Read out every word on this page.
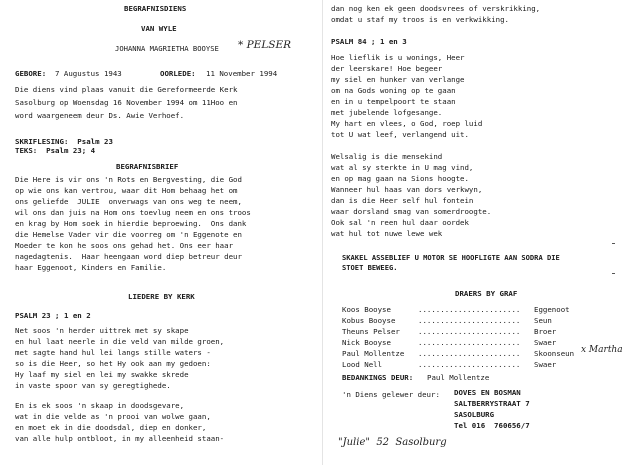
BEGRAFNISDIENS
VAN WYLE
JOHANNA MAGRIETHA BOOYSE * PELSER
GEBORE: 7 Augustus 1943	OORLEDE: 11 November 1994
Die diens vind plaas vanuit die Gereformeerde Kerk
Sasolburg op Woensdag 16 November 1994 om 11Hoo en
word waargeneem deur Ds. Awie Verhoef.
SKRIFLESING:  Psalm 23
TEKS:  Psalm 23; 4
BEGRAFNISBRIEF
Die Here is vir ons 'n Rots en Bergvesting, die God
op wie ons kan vertrou, waar dit Hom behaag het om
ons geliefde  JULIE  onverwags van ons weg te neem,
wil ons dan juis na Hom ons toevlug neem en ons troos
en krag by Hom soek in hierdie beproewing.  Ons dank
die Hemelse Vader vir die voorreg om 'n Eggenote en
Moeder te kon he soos ons gehad het. Ons eer haar
nagedagtenis.  Haar heengaan word diep betreur deur
haar Eggenoot, Kinders en Familie.
LIEDERE BY KERK
PSALM 23 ; 1 en 2
Net soos 'n herder uittrek met sy skape
en hul laat neerle in die veld van milde groen,
met sagte hand hul lei langs stille waters -
so is die Heer, so het Hy ook aan my gedoen:
Hy laaf my siel en lei my swakke skrede
in vaste spoor van sy geregtighede.
En is ek soos 'n skaap in doodsgevare,
wat in die velde as 'n prooi van wolwe gaan,
en moet ek in die doodsdal, diep en donker,
van alle hulp ontbloot, in my alleenheid staan-
dan nog ken ek geen doodsvrees of verskrikking,
omdat u staf my troos is en verkwikking.
PSALM 84 ; 1 en 3
Hoe lieflik is u wonings, Heer
der leerskare! Hoe begeer
my siel en hunker van verlange
om na Gods woning op te gaan
en in u tempelpoort te staan
met jubelende lofgesange.
My hart en vlees, o God, roep luid
tot U wat leef, verlangend uit.
Welsalig is die mensekind
wat al sy sterkte in U mag vind,
en op mag gaan na Sions hoogte.
Wanneer hul haas van dors verkwyn,
dan is die Heer self hul fontein
waar dorsland smag van somerdroogte.
Ook sal 'n reen hul daar oordek
wat hul tot nuwe lewe wek
SKAKEL ASSEBLIEF U MOTOR SE HOOFLIGTE AAN SODRA DIE
STOET BEWEEG.
DRAERS BY GRAF
Koos Booyse	....................... Eggenoot
Kobus Booyse	....................... Seun
Theuns Pelser ....................... Broer
Nick Booyse	....................... Swaer
Paul Mollentze ....................... Skoonseun x Martha
Lood Nell	....................... Swaer
BEDANKINGS DEUR: Paul Mollentze
'n Diens gelewer deur: DOVES EN BOSMAN
SALTBERRYSTRAAT 7
SASOLBURG
Tel 016  760656/7
"Julie"  52  Sasolburg
